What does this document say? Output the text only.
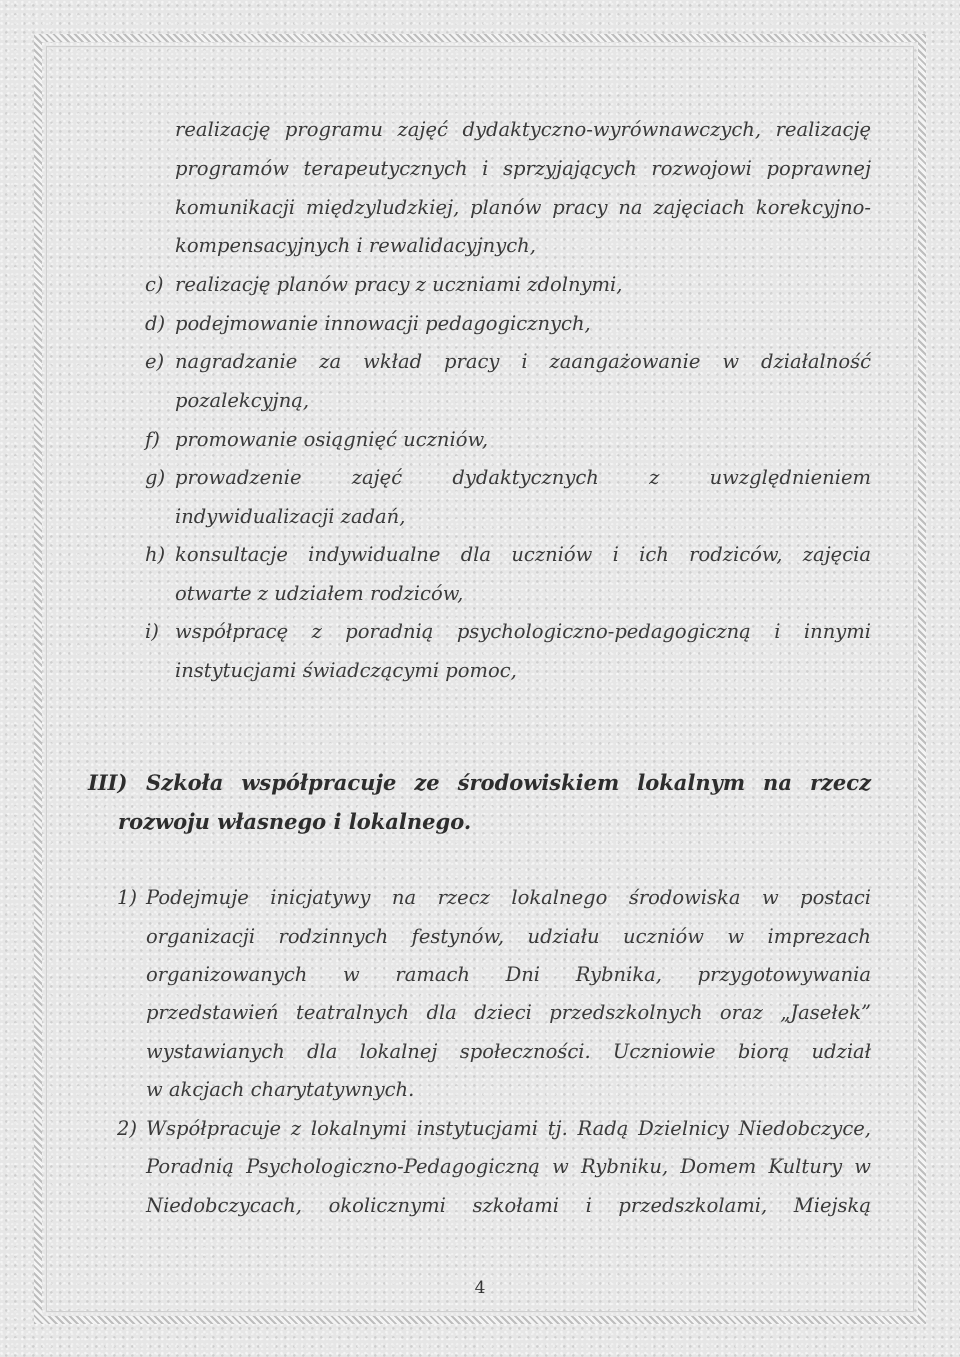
realizację programu zajęć dydaktyczno-wyrównawczych, realizację

programów terapeutycznych i sprzyjających rozwojowi poprawnej

komunikacji międzyludzkiej, planów pracy na zajęciach korekcyjno-

kompensacyjnych i rewalidacyjnych,

c) realizację planów pracy z uczniami zdolnymi,

d) podejmowanie innowacji pedagogicznych,

e) nagradzanie za wkład pracy i zaangażowanie w działalność

pozalekcyjną,

f) promowanie osiągnięć uczniów,

g) prowadzenie zajęć dydaktycznych z uwzględnieniem

indywidualizacji zadań,

h) konsultacje indywidualne dla uczniów i ich rodziców, zajęcia

otwarte z udziałem rodziców,

i) współpracę z poradnią psychologiczno-pedagogiczną i innymi

instytucjami świadczącymi pomoc,

III) Szkoła współpracuje ze środowiskiem lokalnym na rzecz

rozwoju własnego i lokalnego.

1) Podejmuje inicjatywy na rzecz lokalnego środowiska w postaci

organizacji rodzinnych festynów, udziału uczniów w imprezach

organizowanych w ramach Dni Rybnika, przygotowywania

przedstawień teatralnych dla dzieci przedszkolnych oraz „Jasełek”

wystawianych dla lokalnej społeczności. Uczniowie biorą udział

w akcjach charytatywnych.

2) Współpracuje z lokalnymi instytucjami tj. Radą Dzielnicy Niedobczyce,

Poradnią Psychologiczno-Pedagogiczną w Rybniku, Domem Kultury w

Niedobczycach, okolicznymi szkołami i przedszkolami, Miejską

4
